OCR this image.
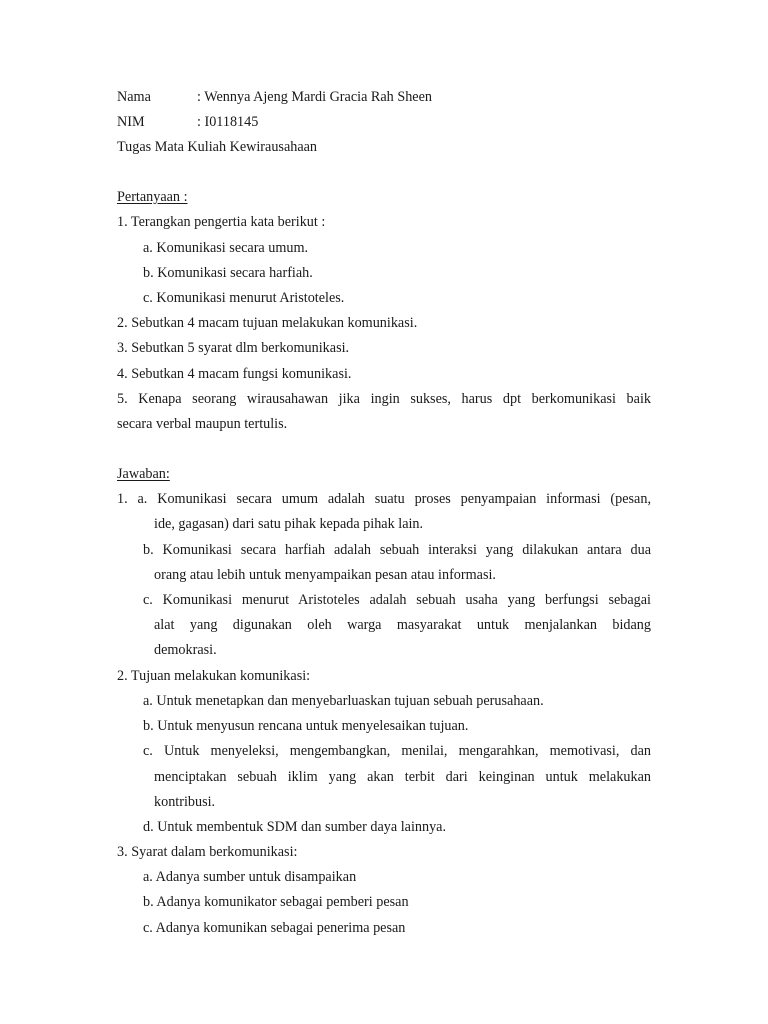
Nama	: Wennya Ajeng Mardi Gracia Rah Sheen
NIM	: I0118145
Tugas Mata Kuliah Kewirausahaan
Pertanyaan :
1. Terangkan pengertia kata berikut :
a. Komunikasi secara umum.
b. Komunikasi secara harfiah.
c. Komunikasi menurut Aristoteles.
2. Sebutkan 4 macam tujuan melakukan komunikasi.
3. Sebutkan 5 syarat dlm berkomunikasi.
4. Sebutkan 4 macam fungsi komunikasi.
5. Kenapa seorang wirausahawan jika ingin sukses, harus dpt berkomunikasi baik
secara verbal maupun tertulis.
Jawaban:
1. a. Komunikasi secara umum adalah suatu proses penyampaian informasi (pesan,
ide, gagasan) dari satu pihak kepada pihak lain.
b. Komunikasi secara harfiah adalah sebuah interaksi yang dilakukan antara dua
orang atau lebih untuk menyampaikan pesan atau informasi.
c. Komunikasi menurut Aristoteles adalah sebuah usaha yang berfungsi sebagai
alat yang digunakan oleh warga masyarakat untuk menjalankan bidang
demokrasi.
2. Tujuan melakukan komunikasi:
a. Untuk menetapkan dan menyebarluaskan tujuan sebuah perusahaan.
b. Untuk menyusun rencana untuk menyelesaikan tujuan.
c. Untuk menyeleksi, mengembangkan, menilai, mengarahkan, memotivasi, dan
menciptakan sebuah iklim yang akan terbit dari keinginan untuk melakukan
kontribusi.
d. Untuk membentuk SDM dan sumber daya lainnya.
3. Syarat dalam berkomunikasi:
a. Adanya sumber untuk disampaikan
b. Adanya komunikator sebagai pemberi pesan
c. Adanya komunikan sebagai penerima pesan
